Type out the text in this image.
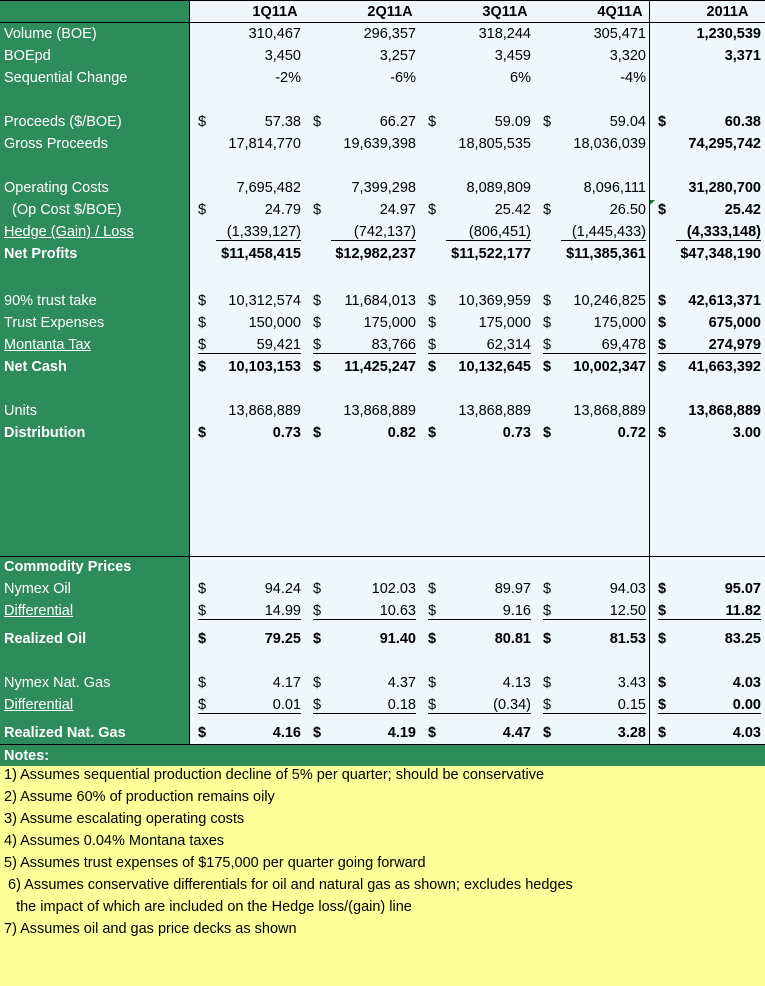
1Q11A	2Q11A	3Q11A	4Q11A	2011A
Volume (BOE)	310,467	296,357	318,244	305,471	1,230,539
BOEpd	3,450	3,257	3,459	3,320	3,371
Sequential Change	-2%	-6%	6%	-4%
Proceeds ($/BOE)	$	57.38 $	66.27 $	59.09 $	59.04 $	60.38
Gross Proceeds	17,814,770	19,639,398	18,805,535	18,036,039	74,295,742
Operating Costs	7,695,482	7,399,298	8,089,809	8,096,111	31,280,700
(Op Cost $/BOE)	$	24.79 $	24.97 $	25.42 $	26.50 $	25.42
Hedge (Gain) / Loss	(1,339,127)	(742,137)	(806,451)	(1,445,433)	(4,333,148)
Net Profits	$11,458,415 $12,982,237 $11,522,177 $11,385,361 $47,348,190
90% trust take	$ 10,312,574 $ 11,684,013 $ 10,369,959 $ 10,246,825 $ 42,613,371
Trust Expenses	$	150,000 $	175,000 $	175,000 $	175,000 $	675,000
Montanta Tax	$	59,421 $	83,766 $	62,314 $	69,478 $	274,979
Net Cash	$ 10,103,153 $ 11,425,247 $ 10,132,645 $ 10,002,347 $ 41,663,392
Units	13,868,889	13,868,889	13,868,889	13,868,889	13,868,889
Distribution	$	0.73 $	0.82 $	0.73 $	0.72 $	3.00
Nymex Oil	$	94.24 $	102.03 $	89.97 $	94.03 $	95.07
Differential	$	14.99 $	10.63 $	9.16 $	12.50 $	11.82
Realized Oil	$	79.25 $	91.40 $	80.81 $	81.53 $	83.25
Nymex Nat. Gas	$	4.17 $	4.37 $	4.13 $	3.43 $	4.03
Differential	$	0.01 $	0.18 $	(0.34) $	0.15 $	0.00
Realized Nat. Gas	$	4.16 $	4.19 $	4.47 $	3.28 $	4.03
Commodity Prices
Notes:
1) Assumes sequential production decline of 5% per quarter; should be conservative
2) Assume 60% of production remains oily
3) Assume escalating operating costs
4) Assumes 0.04% Montana taxes
5) Assumes trust expenses of $175,000 per quarter going forward
6) Assumes conservative differentials for oil and natural gas as shown; excludes hedges
the impact of which are included on the Hedge loss/(gain) line
7) Assumes oil and gas price decks as shown
